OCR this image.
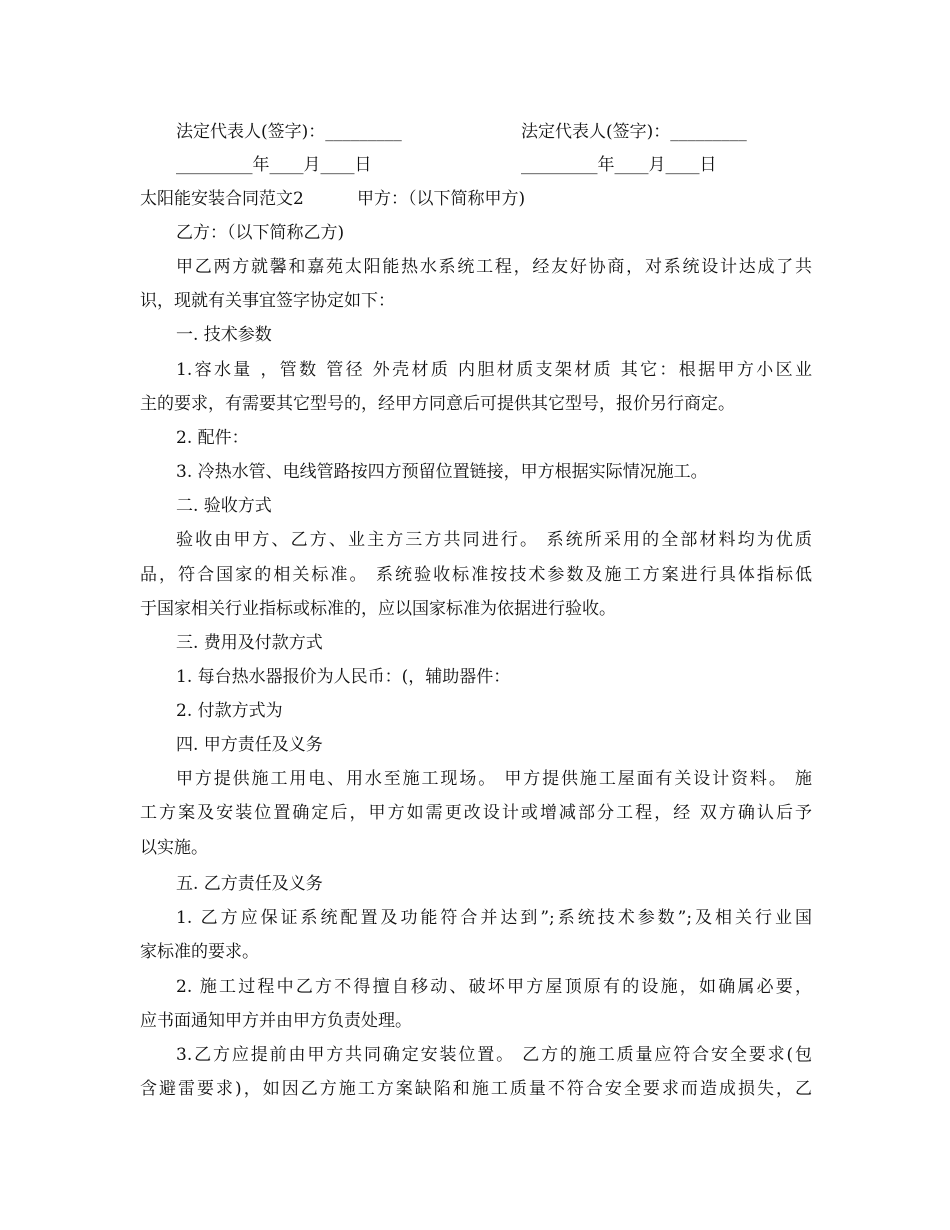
法定代表人(签字)：_________	法定代表人(签字)：_________
_________年____月____日	_________年____月____日
太阳能安装合同范文2	甲方：（以下简称甲方)
乙方：（以下简称乙方)
甲乙两方就馨和嘉苑太阳能热水系统工程，经友好协商，对系统设计达成了共
识，现就有关事宜签字协定如下：
一. 技术参数
1.容水量 ，管数 管径 外壳材质 内胆材质支架材质 其它：根据甲方小区业
主的要求，有需要其它型号的，经甲方同意后可提供其它型号，报价另行商定。
2. 配件：
3. 冷热水管、电线管路按四方预留位置链接，甲方根据实际情况施工。
二. 验收方式
验收由甲方、乙方、业主方三方共同进行。 系统所采用的全部材料均为优质
品，符合国家的相关标准。 系统验收标准按技术参数及施工方案进行具体指标低
于国家相关行业指标或标准的，应以国家标准为依据进行验收。
三. 费用及付款方式
1. 每台热水器报价为人民币：(，辅助器件：
2. 付款方式为
四. 甲方责任及义务
甲方提供施工用电、用水至施工现场。 甲方提供施工屋面有关设计资料。 施
工方案及安装位置确定后，甲方如需更改设计或增减部分工程，经 双方确认后予
以实施。
五. 乙方责任及义务
1. 乙方应保证系统配置及功能符合并达到”;系统技术参数”;及相关行业国
家标准的要求。
2. 施工过程中乙方不得擅自移动、破坏甲方屋顶原有的设施，如确属必要，
应书面通知甲方并由甲方负责处理。
3.乙方应提前由甲方共同确定安装位置。 乙方的施工质量应符合安全要求(包
含避雷要求)，如因乙方施工方案缺陷和施工质量不符合安全要求而造成损失，乙
